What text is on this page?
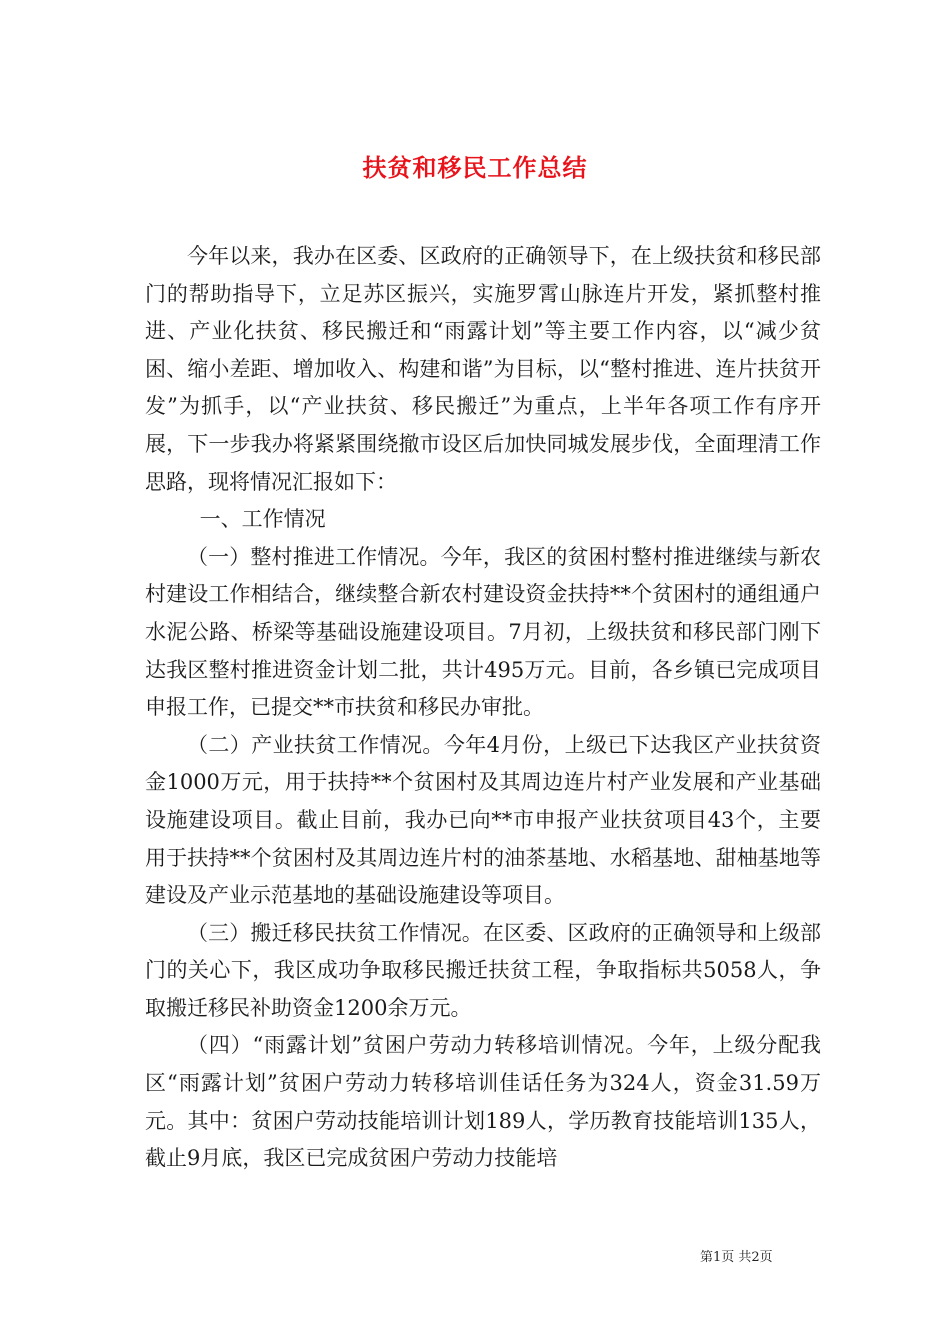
扶贫和移民工作总结

今年以来，我办在区委、区政府的正确领导下，在上级扶贫和移民部门的帮助指导下，立足苏区振兴，实施罗霄山脉连片开发，紧抓整村推进、产业化扶贫、移民搬迁和“雨露计划”等主要工作内容，以“减少贫困、缩小差距、增加收入、构建和谐”为目标，以“整村推进、连片扶贫开发”为抓手，以“产业扶贫、移民搬迁”为重点，上半年各项工作有序开展，下一步我办将紧紧围绕撤市设区后加快同城发展步伐，全面理清工作思路，现将情况汇报如下：

一、工作情况

（一）整村推进工作情况。今年，我区的贫困村整村推进继续与新农村建设工作相结合，继续整合新农村建设资金扶持**个贫困村的通组通户水泥公路、桥梁等基础设施建设项目。7月初，上级扶贫和移民部门刚下达我区整村推进资金计划二批，共计495万元。目前，各乡镇已完成项目申报工作，已提交**市扶贫和移民办审批。

（二）产业扶贫工作情况。今年4月份，上级已下达我区产业扶贫资金1000万元，用于扶持**个贫困村及其周边连片村产业发展和产业基础设施建设项目。截止目前，我办已向**市申报产业扶贫项目43个，主要用于扶持**个贫困村及其周边连片村的油茶基地、水稻基地、甜柚基地等建设及产业示范基地的基础设施建设等项目。

（三）搬迁移民扶贫工作情况。在区委、区政府的正确领导和上级部门的关心下，我区成功争取移民搬迁扶贫工程，争取指标共5058人，争取搬迁移民补助资金1200余万元。

（四）“雨露计划”贫困户劳动力转移培训情况。今年，上级分配我区“雨露计划”贫困户劳动力转移培训佳话任务为324人，资金31.59万元。其中：贫困户劳动技能培训计划189人，学历教育技能培训135人，截止9月底，我区已完成贫困户劳动力技能培

第1页 共2页
